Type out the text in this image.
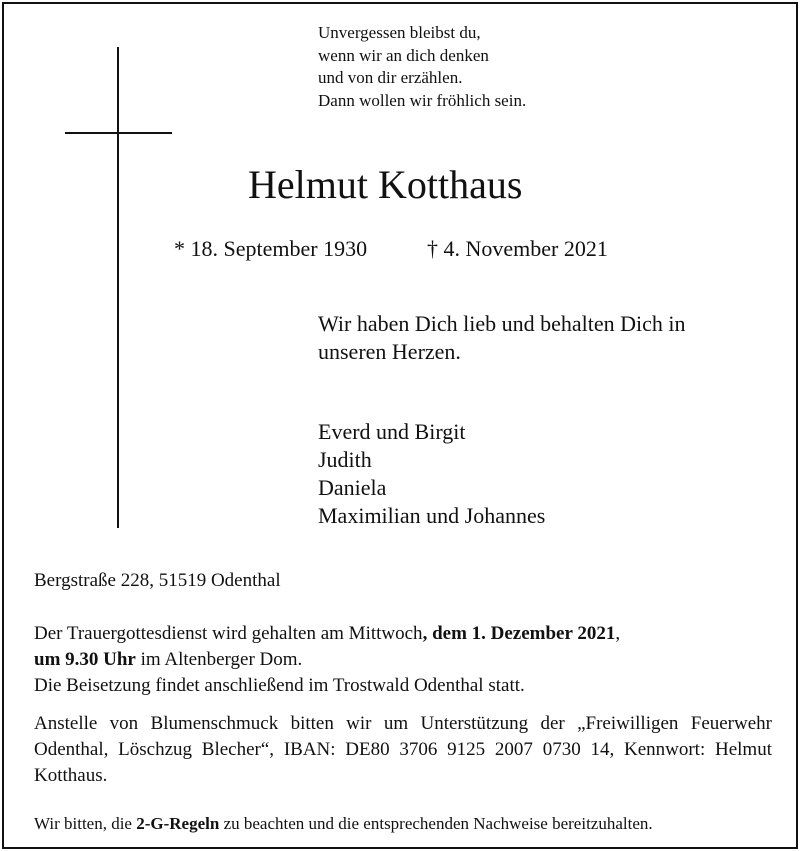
Unvergessen bleibst du,
wenn wir an dich denken
und von dir erzählen.
Dann wollen wir fröhlich sein.
Helmut Kotthaus
* 18. September 1930	† 4. November 2021
Wir haben Dich lieb und behalten Dich in unseren Herzen.
Everd und Birgit
Judith
Daniela
Maximilian und Johannes
Bergstraße 228, 51519 Odenthal
Der Trauergottesdienst wird gehalten am Mittwoch, dem 1. Dezember 2021,
um 9.30 Uhr im Altenberger Dom.
Die Beisetzung findet anschließend im Trostwald Odenthal statt.
Anstelle von Blumenschmuck bitten wir um Unterstützung der „Freiwilligen Feuerwehr Odenthal, Löschzug Blecher“, IBAN: DE80 3706 9125 2007 0730 14, Kennwort: Helmut Kotthaus.
Wir bitten, die 2-G-Regeln zu beachten und die entsprechenden Nachweise bereitzuhalten.
